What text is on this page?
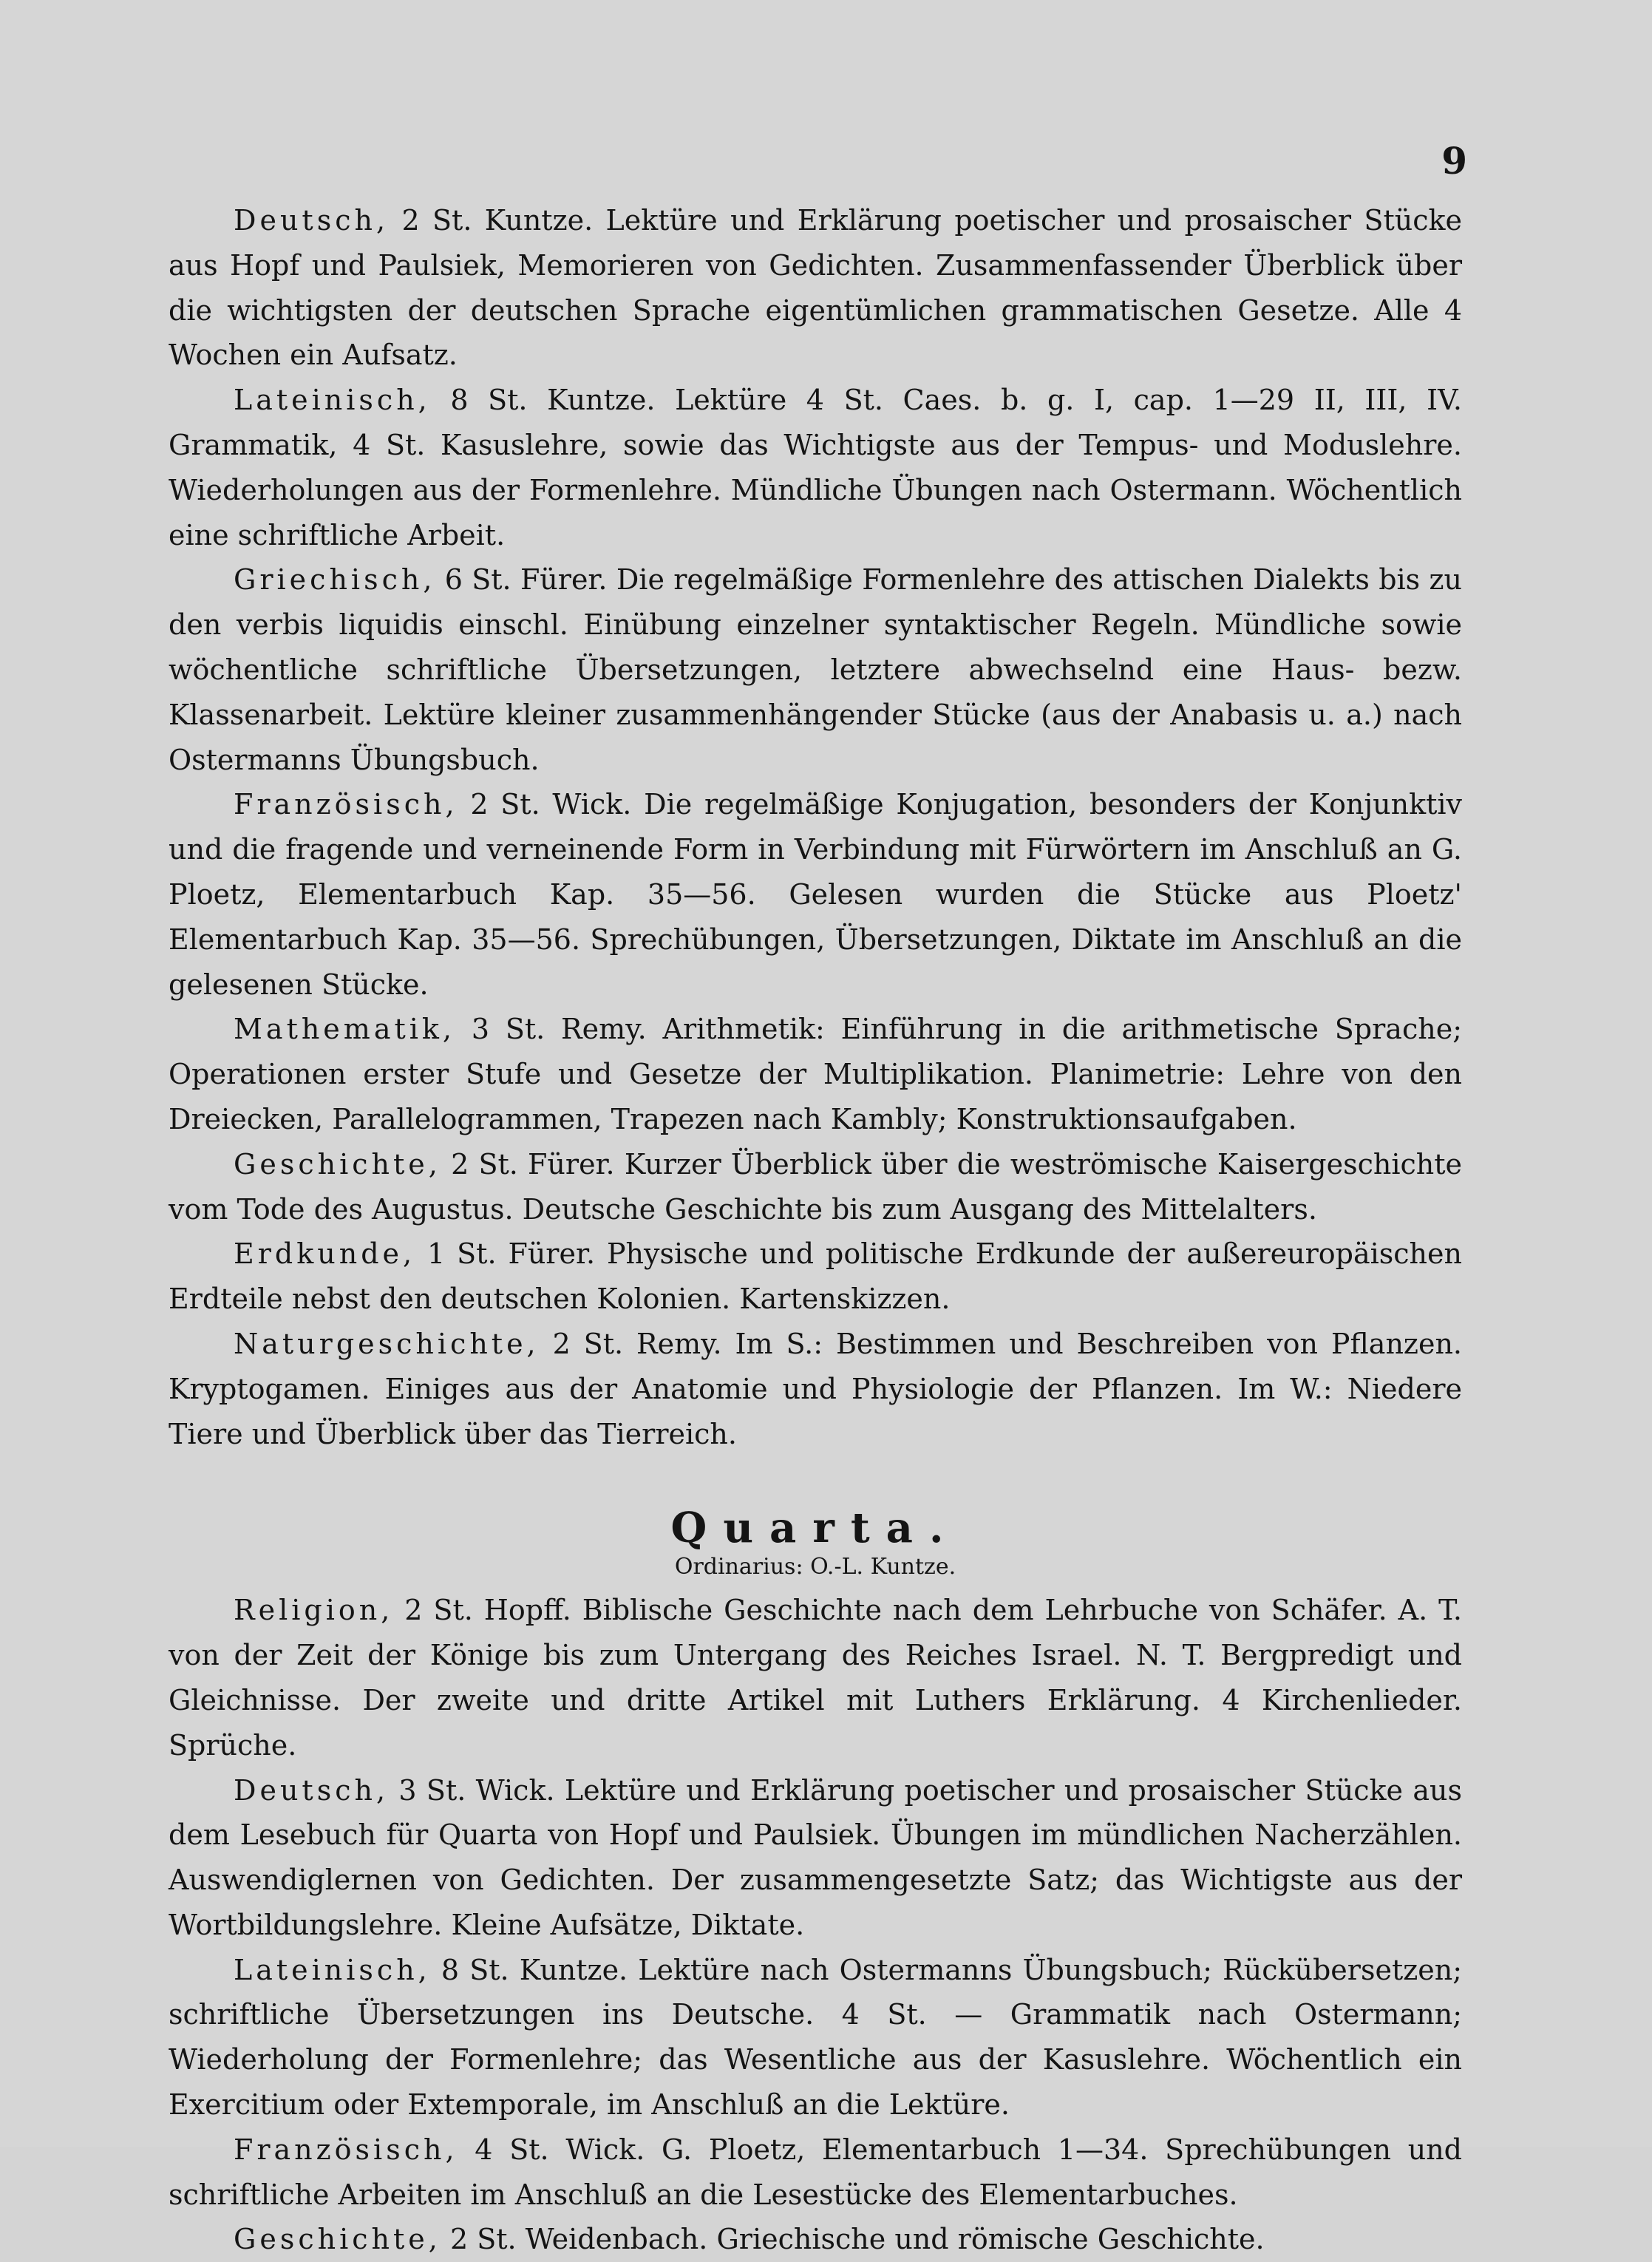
9

Deutsch, 2 St. Kuntze. Lektüre und Erklärung poetischer und prosaischer Stücke aus Hopf und Paulsiek, Memorieren von Gedichten. Zusammenfassender Überblick über die wichtigsten der deutschen Sprache eigentümlichen grammatischen Gesetze. Alle 4 Wochen ein Aufsatz.

Lateinisch, 8 St. Kuntze. Lektüre 4 St. Caes. b. g. I, cap. 1—29 II, III, IV. Grammatik, 4 St. Kasuslehre, sowie das Wichtigste aus der Tempus- und Moduslehre. Wiederholungen aus der Formenlehre. Mündliche Übungen nach Ostermann. Wöchentlich eine schriftliche Arbeit.

Griechisch, 6 St. Fürer. Die regelmäßige Formenlehre des attischen Dialekts bis zu den verbis liquidis einschl. Einübung einzelner syntaktischer Regeln. Mündliche sowie wöchentliche schriftliche Übersetzungen, letztere abwechselnd eine Haus- bezw. Klassenarbeit. Lektüre kleiner zusammenhängender Stücke (aus der Anabasis u. a.) nach Ostermanns Übungsbuch.

Französisch, 2 St. Wick. Die regelmäßige Konjugation, besonders der Konjunktiv und die fragende und verneinende Form in Verbindung mit Fürwörtern im Anschluß an G. Ploetz, Elementarbuch Kap. 35—56. Gelesen wurden die Stücke aus Ploetz' Elementarbuch Kap. 35—56. Sprechübungen, Übersetzungen, Diktate im Anschluß an die gelesenen Stücke.

Mathematik, 3 St. Remy. Arithmetik: Einführung in die arithmetische Sprache; Operationen erster Stufe und Gesetze der Multiplikation. Planimetrie: Lehre von den Dreiecken, Parallelogrammen, Trapezen nach Kambly; Konstruktionsaufgaben.

Geschichte, 2 St. Fürer. Kurzer Überblick über die weströmische Kaisergeschichte vom Tode des Augustus. Deutsche Geschichte bis zum Ausgang des Mittelalters.

Erdkunde, 1 St. Fürer. Physische und politische Erdkunde der außereuropäischen Erdteile nebst den deutschen Kolonien. Kartenskizzen.

Naturgeschichte, 2 St. Remy. Im S.: Bestimmen und Beschreiben von Pflanzen. Kryptogamen. Einiges aus der Anatomie und Physiologie der Pflanzen. Im W.: Niedere Tiere und Überblick über das Tierreich.

Quarta.
Ordinarius: O.-L. Kuntze.

Religion, 2 St. Hopff. Biblische Geschichte nach dem Lehrbuche von Schäfer. A. T. von der Zeit der Könige bis zum Untergang des Reiches Israel. N. T. Bergpredigt und Gleichnisse. Der zweite und dritte Artikel mit Luthers Erklärung. 4 Kirchenlieder. Sprüche.

Deutsch, 3 St. Wick. Lektüre und Erklärung poetischer und prosaischer Stücke aus dem Lesebuch für Quarta von Hopf und Paulsiek. Übungen im mündlichen Nacherzählen. Auswendiglernen von Gedichten. Der zusammengesetzte Satz; das Wichtigste aus der Wortbildungslehre. Kleine Aufsätze, Diktate.

Lateinisch, 8 St. Kuntze. Lektüre nach Ostermanns Übungsbuch; Rückübersetzen; schriftliche Übersetzungen ins Deutsche. 4 St. — Grammatik nach Ostermann; Wiederholung der Formenlehre; das Wesentliche aus der Kasuslehre. Wöchentlich ein Exercitium oder Extemporale, im Anschluß an die Lektüre.

Französisch, 4 St. Wick. G. Ploetz, Elementarbuch 1—34. Sprechübungen und schriftliche Arbeiten im Anschluß an die Lesestücke des Elementarbuches.

Geschichte, 2 St. Weidenbach. Griechische und römische Geschichte.
